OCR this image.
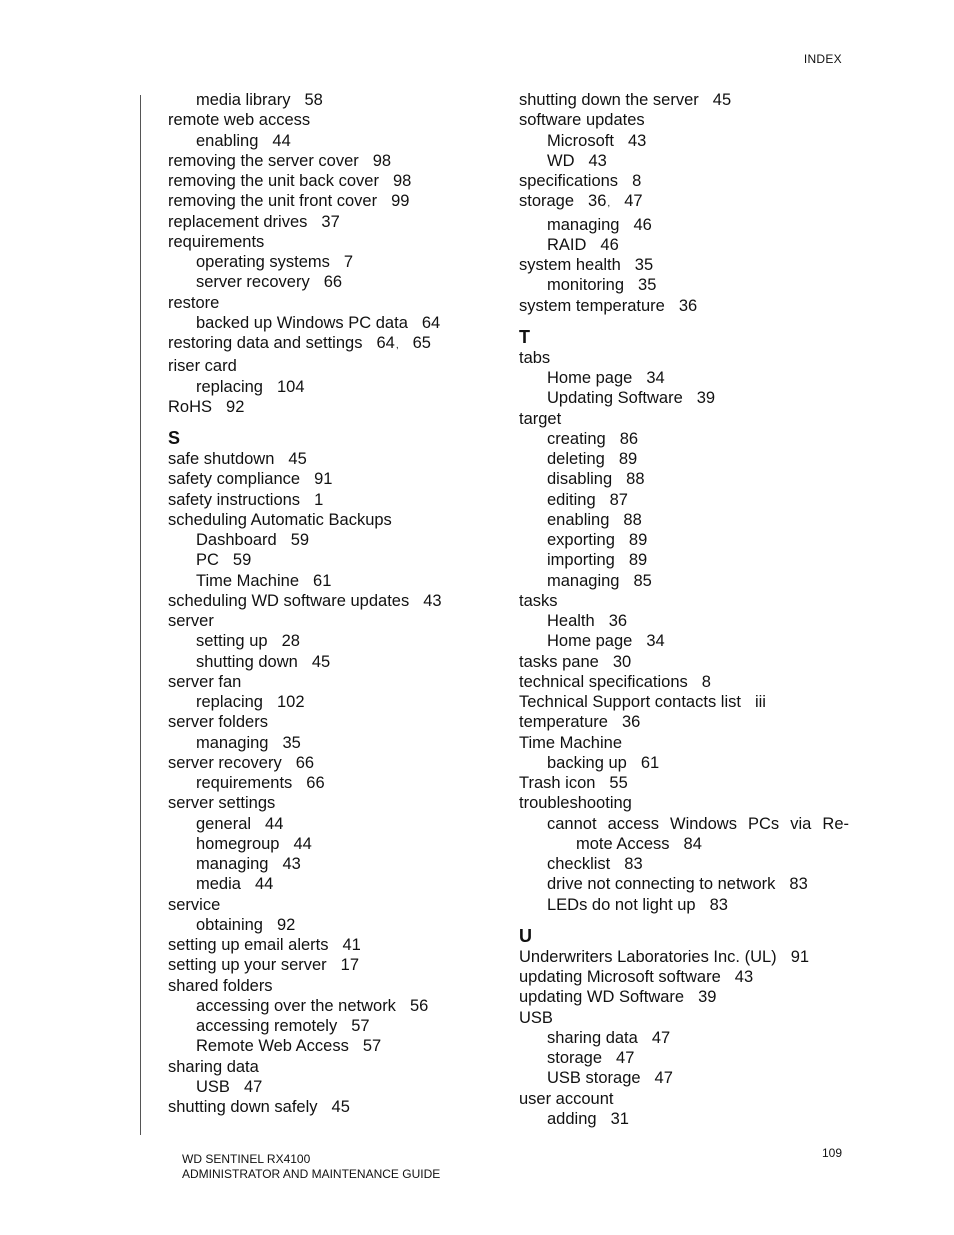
INDEX
media library 58
remote web access
enabling 44
removing the server cover 98
removing the unit back cover 98
removing the unit front cover 99
replacement drives 37
requirements
operating systems 7
server recovery 66
restore
backed up Windows PC data 64
restoring data and settings 64, 65
riser card
replacing 104
RoHS 92
S
safe shutdown 45
safety compliance 91
safety instructions 1
scheduling Automatic Backups
Dashboard 59
PC 59
Time Machine 61
scheduling WD software updates 43
server
setting up 28
shutting down 45
server fan
replacing 102
server folders
managing 35
server recovery 66
requirements 66
server settings
general 44
homegroup 44
managing 43
media 44
service
obtaining 92
setting up email alerts 41
setting up your server 17
shared folders
accessing over the network 56
accessing remotely 57
Remote Web Access 57
sharing data
USB 47
shutting down safely 45
shutting down the server 45
software updates
Microsoft 43
WD 43
specifications 8
storage 36, 47
managing 46
RAID 46
system health 35
monitoring 35
system temperature 36
T
tabs
Home page 34
Updating Software 39
target
creating 86
deleting 89
disabling 88
editing 87
enabling 88
exporting 89
importing 89
managing 85
tasks
Health 36
Home page 34
tasks pane 30
technical specifications 8
Technical Support contacts list iii
temperature 36
Time Machine
backing up 61
Trash icon 55
troubleshooting
cannot access Windows PCs via Re-mote Access 84
checklist 83
drive not connecting to network 83
LEDs do not light up 83
U
Underwriters Laboratories Inc. (UL) 91
updating Microsoft software 43
updating WD Software 39
USB
sharing data 47
storage 47
USB storage 47
user account
adding 31
WD SENTINEL RX4100
ADMINISTRATOR AND MAINTENANCE GUIDE
109
